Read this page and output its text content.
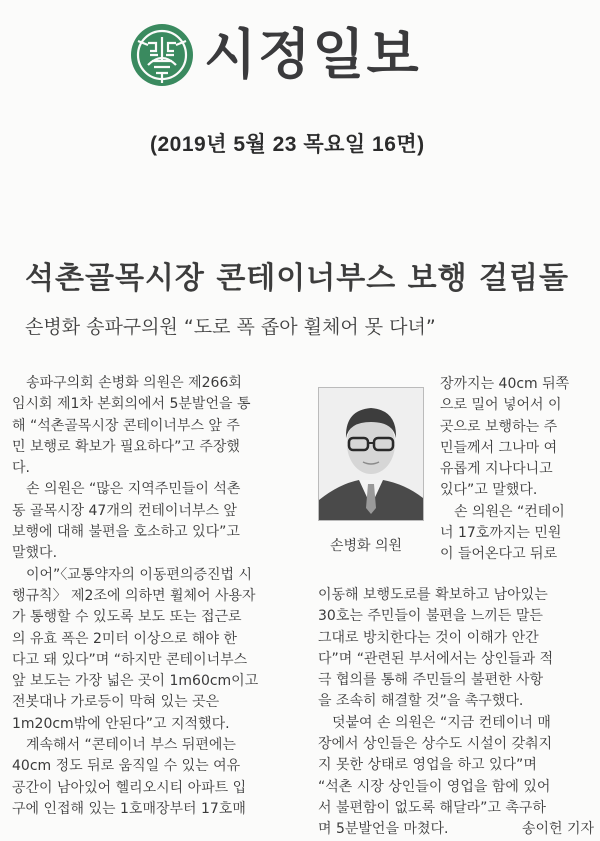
시정일보
(2019년 5월 23 목요일 16면)
석촌골목시장 콘테이너부스 보행 걸림돌
손병화 송파구의원 “도로 폭 좁아 휠체어 못 다녀”
송파구의회 손병화 의원은 제266회
임시회 제1차 본회의에서 5분발언을 통
해 “석촌골목시장 콘테이너부스 앞 주
민 보행로 확보가 필요하다”고 주장했
다.
손 의원은 “많은 지역주민들이 석촌
동 골목시장 47개의 컨테이너부스 앞
보행에 대해 불편을 호소하고 있다”고
말했다.
이어”〈교통약자의 이동편의증진법 시
행규칙〉 제2조에 의하면 휠체어 사용자
가 통행할 수 있도록 보도 또는 접근로
의 유효 폭은 2미터 이상으로 해야 한
다고 돼 있다”며 “하지만 콘테이너부스
앞 보도는 가장 넓은 곳이 1m60cm이고
전봇대나 가로등이 막혀 있는 곳은
1m20cm밖에 안된다”고 지적했다.
계속해서 “콘테이너 부스 뒤편에는
40cm 정도 뒤로 움직일 수 있는 여유
공간이 남아있어 헬리오시티 아파트 입
구에 인접해 있는 1호매장부터 17호매
손병화 의원
장까지는 40cm 뒤쪽
으로 밀어 넣어서 이
곳으로 보행하는 주
민들께서 그나마 여
유롭게 지나다니고
있다”고 말했다.
손 의원은 “컨테이
너 17호까지는 민원
이 들어온다고 뒤로
이동해 보행도로를 확보하고 남아있는
30호는 주민들이 불편을 느끼든 말든
그대로 방치한다는 것이 이해가 안간
다”며 “관련된 부서에서는 상인들과 적
극 협의를 통해 주민들의 불편한 사항
을 조속히 해결할 것”을 촉구했다.
덧붙여 손 의원은 “지금 컨테이너 매
장에서 상인들은 상수도 시설이 갖춰지
지 못한 상태로 영업을 하고 있다”며
“석촌 시장 상인들이 영업을 함에 있어
서 불편함이 없도록 해달라”고 촉구하
며 5분발언을 마쳤다.	송이헌 기자
